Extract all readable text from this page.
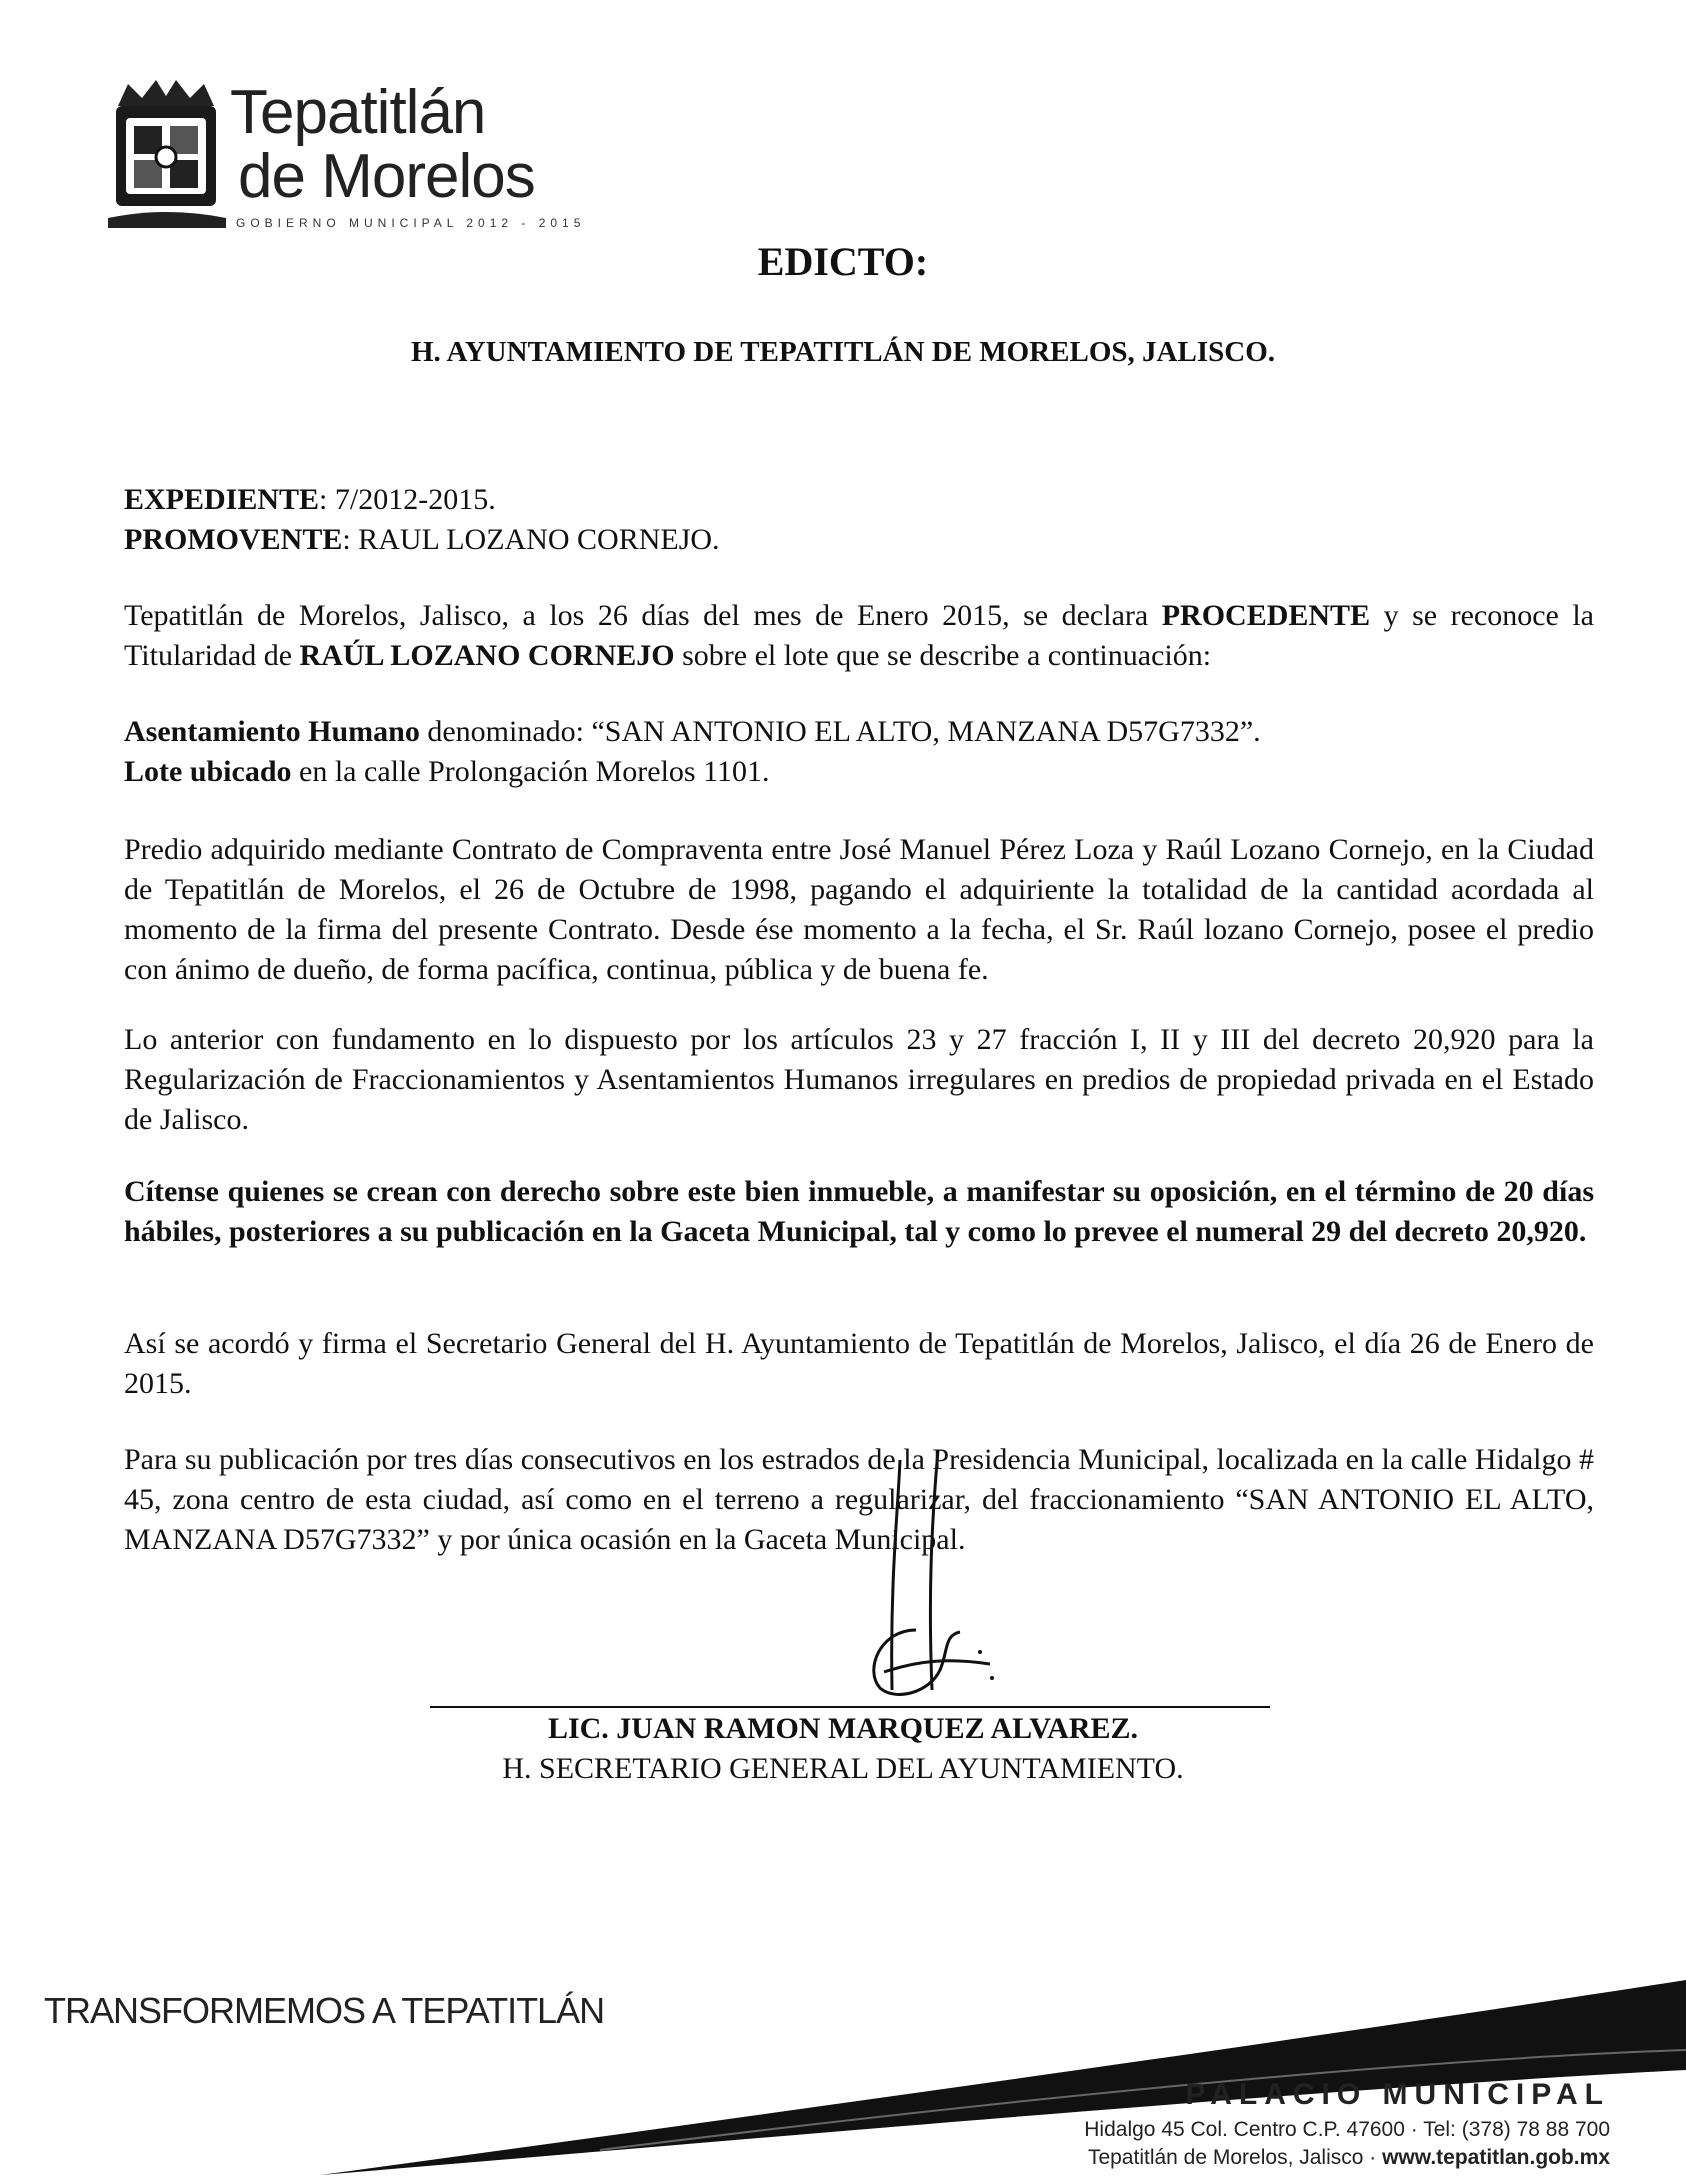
Tepatitlán
de Morelos
GOBIERNO MUNICIPAL 2012 - 2015
EDICTO:
H. AYUNTAMIENTO DE TEPATITLÁN DE MORELOS, JALISCO.
EXPEDIENTE: 7/2012-2015.
PROMOVENTE: RAUL LOZANO CORNEJO.
Tepatitlán de Morelos, Jalisco, a los 26 días del mes de Enero 2015, se declara PROCEDENTE y se reconoce la Titularidad de RAÚL LOZANO CORNEJO sobre el lote que se describe a continuación:
Asentamiento Humano denominado: “SAN ANTONIO EL ALTO, MANZANA D57G7332”.
Lote ubicado en la calle Prolongación Morelos 1101.
Predio adquirido mediante Contrato de Compraventa entre José Manuel Pérez Loza y Raúl Lozano Cornejo, en la Ciudad de Tepatitlán de Morelos, el 26 de Octubre de 1998, pagando el adquiriente la totalidad de la cantidad acordada al momento de la firma del presente Contrato. Desde ése momento a la fecha, el Sr. Raúl lozano Cornejo, posee el predio con ánimo de dueño, de forma pacífica, continua, pública y de buena fe.
Lo anterior con fundamento en lo dispuesto por los artículos 23 y 27 fracción I, II y III del decreto 20,920 para la Regularización de Fraccionamientos y Asentamientos Humanos irregulares en predios de propiedad privada en el Estado de Jalisco.
Cítense quienes se crean con derecho sobre este bien inmueble, a manifestar su oposición, en el término de 20 días hábiles, posteriores a su publicación en la Gaceta Municipal, tal y como lo prevee el numeral 29 del decreto 20,920.
Así se acordó y firma el Secretario General del H. Ayuntamiento de Tepatitlán de Morelos, Jalisco, el día 26 de Enero de 2015.
Para su publicación por tres días consecutivos en los estrados de la Presidencia Municipal, localizada en la calle Hidalgo # 45, zona centro de esta ciudad, así como en el terreno a regularizar, del fraccionamiento “SAN ANTONIO EL ALTO, MANZANA D57G7332” y por única ocasión en la Gaceta Municipal.
LIC. JUAN RAMON MARQUEZ ALVAREZ.
H. SECRETARIO GENERAL DEL AYUNTAMIENTO.
TRANSFORMEMOS A TEPATITLÁN
PALACIO MUNICIPAL
Hidalgo 45 Col. Centro C.P. 47600 · Tel: (378) 78 88 700
Tepatitlán de Morelos, Jalisco · www.tepatitlan.gob.mx
